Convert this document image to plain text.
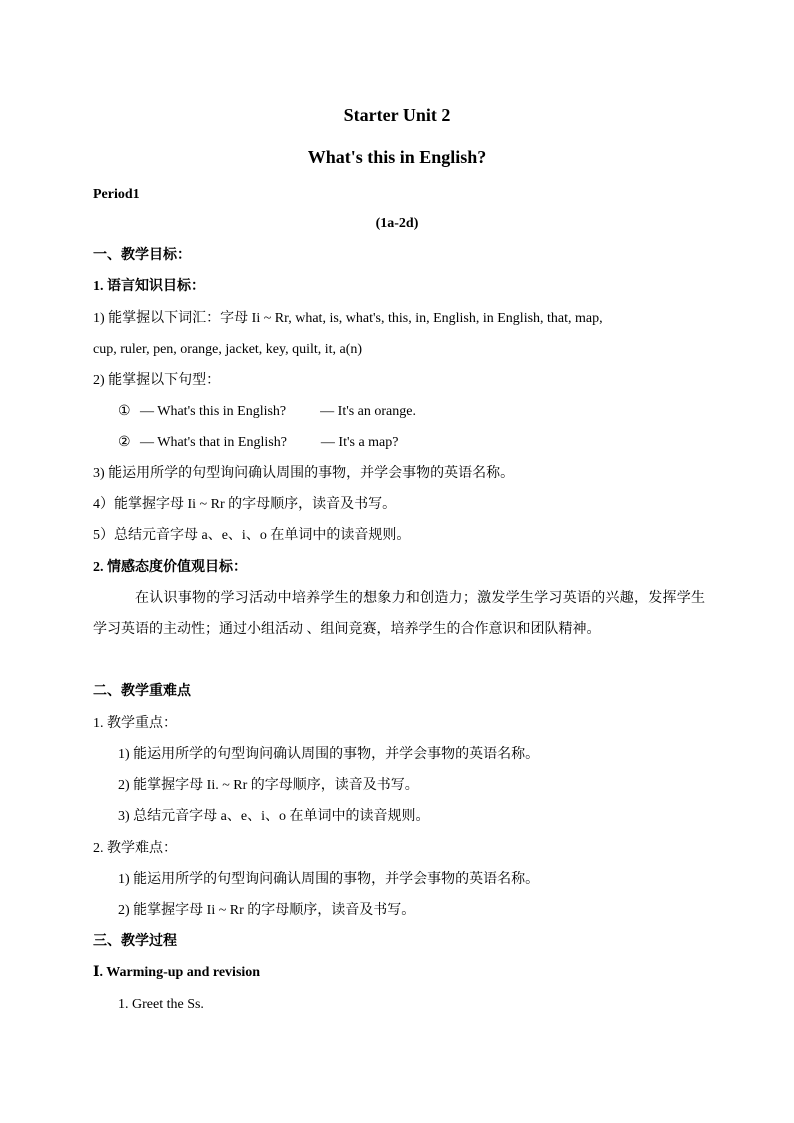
Starter Unit 2
What's this in English?
Period1
(1a-2d)
一、教学目标：
1. 语言知识目标：
1) 能掌握以下词汇：字母 Ii ~ Rr, what, is, what's, this, in, English, in English, that, map,
cup, ruler, pen, orange, jacket, key, quilt, it, a(n)
2) 能掌握以下句型：
① — What's this in English? — It's an orange.
② — What's that in English? — It's a map?
3) 能运用所学的句型询问确认周围的事物，并学会事物的英语名称。
4）能掌握字母 Ii ~ Rr 的字母顺序，读音及书写。
5）总结元音字母 a、e、i、o 在单词中的读音规则。
2. 情感态度价值观目标：
在认识事物的学习活动中培养学生的想象力和创造力；激发学生学习英语的兴趣，发挥学生学习英语的主动性；通过小组活动 、组间竞赛，培养学生的合作意识和团队精神。
二、教学重难点
1. 教学重点：
1) 能运用所学的句型询问确认周围的事物，并学会事物的英语名称。
2) 能掌握字母 Ii. ~ Rr 的字母顺序，读音及书写。
3) 总结元音字母 a、e、i、o 在单词中的读音规则。
2. 教学难点：
1) 能运用所学的句型询问确认周围的事物，并学会事物的英语名称。
2) 能掌握字母 Ii ~ Rr 的字母顺序，读音及书写。
三、教学过程
Ⅰ. Warming-up and revision
1. Greet the Ss.
